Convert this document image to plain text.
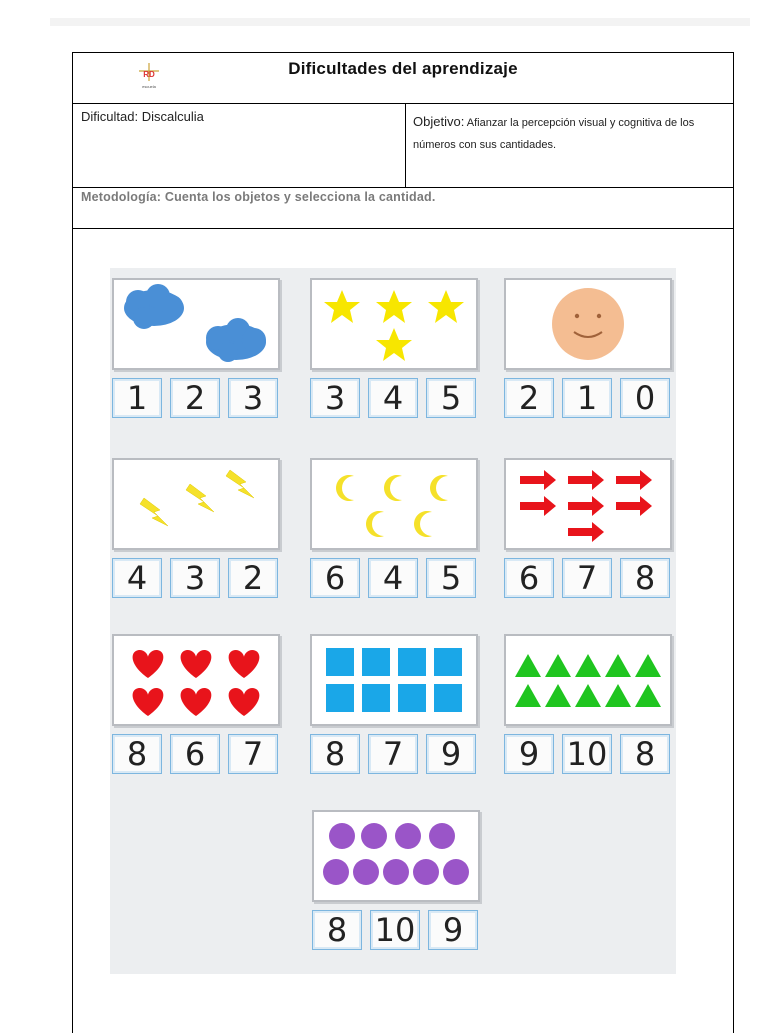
RD
escuela
Dificultades del aprendizaje
Dificultad: Discalculia	Objetivo: Afianzar la percepción visual y cognitiva de los números con sus cantidades.
Metodología: Cuenta los objetos y selecciona la cantidad.
1	2	3	3	4	5	2	1	0
4	3	2	6	4	5	6	7	8
8	6	7	8	7	9	9 10 8
8 10 9
